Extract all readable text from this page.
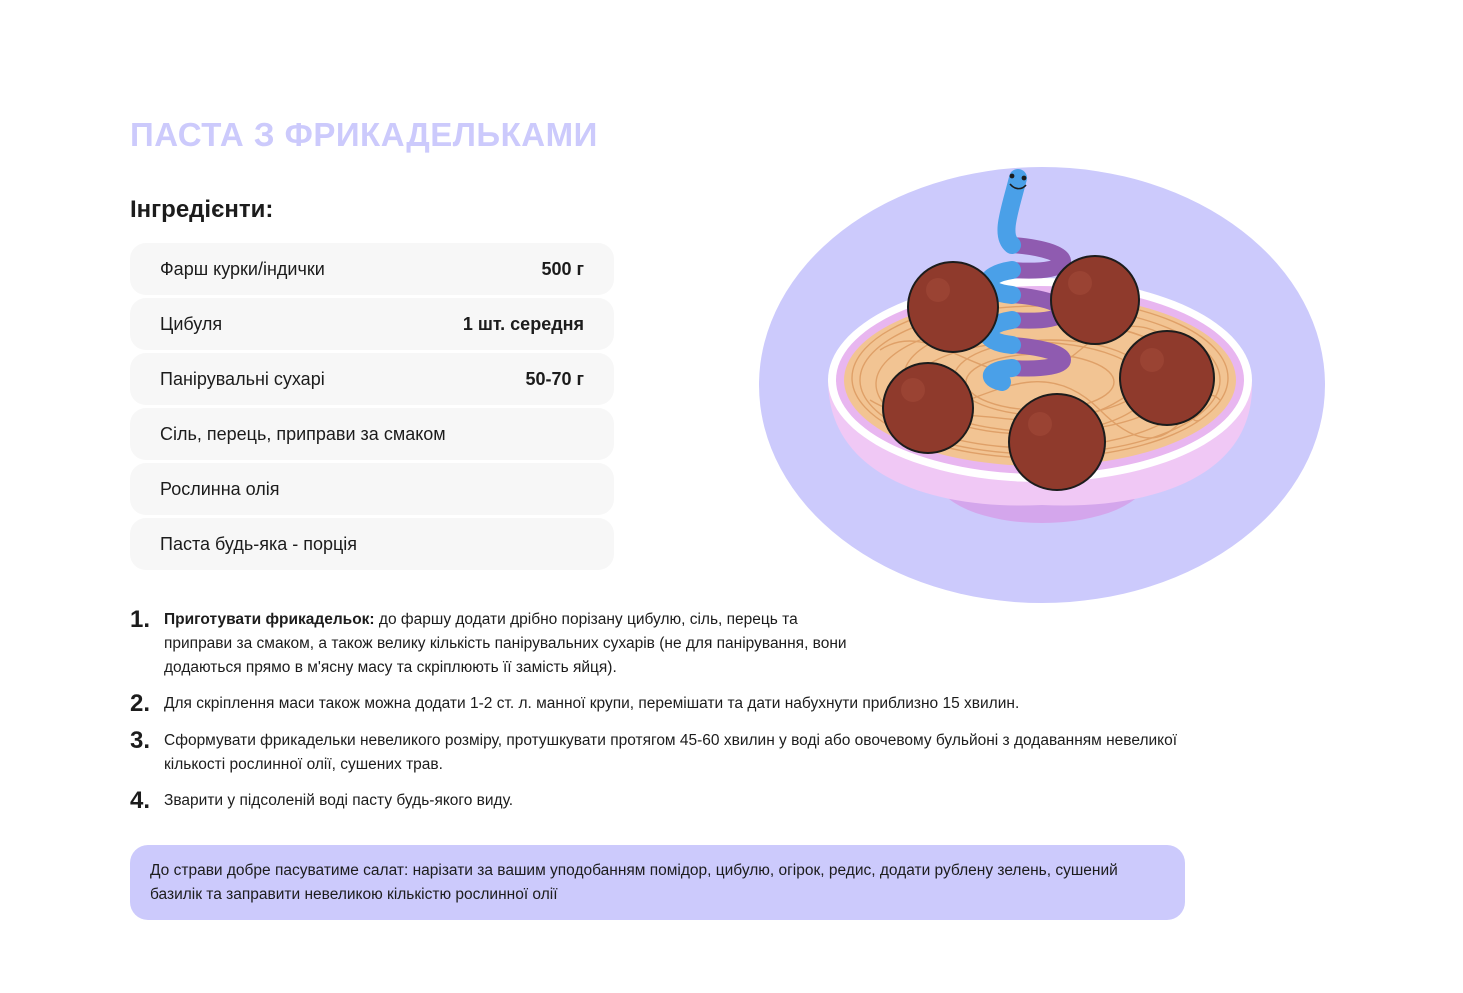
ПАСТА З ФРИКАДЕЛЬКАМИ
Інгредієнти:
Фарш курки/індички	500 г
Цибуля	1 шт. середня
Панірувальні сухарі	50-70 г
Сіль, перець, приправи за смаком
Рослинна олія
Паста будь-яка - порція
1. Приготувати фрикадельок: до фаршу додати дрібно порізану цибулю, сіль, перець та приправи за смаком, а також велику кількість панірувальних сухарів (не для панірування, вони додаються прямо в м'ясну масу та скріплюють її замість яйця).
2. Для скріплення маси також можна додати 1-2 ст. л. манної крупи, перемішати та дати набухнути приблизно 15 хвилин.
3. Сформувати фрикадельки невеликого розміру, протушкувати протягом 45-60 хвилин у воді або овочевому бульйоні з додаванням невеликої кількості рослинної олії, сушених трав.
4. Зварити у підсоленій воді пасту будь-якого виду.
До страви добре пасуватиме салат: нарізати за вашим уподобанням помідор, цибулю, огірок, редис, додати рублену зелень, сушений базилік та заправити невеликою кількістю рослинної олії
